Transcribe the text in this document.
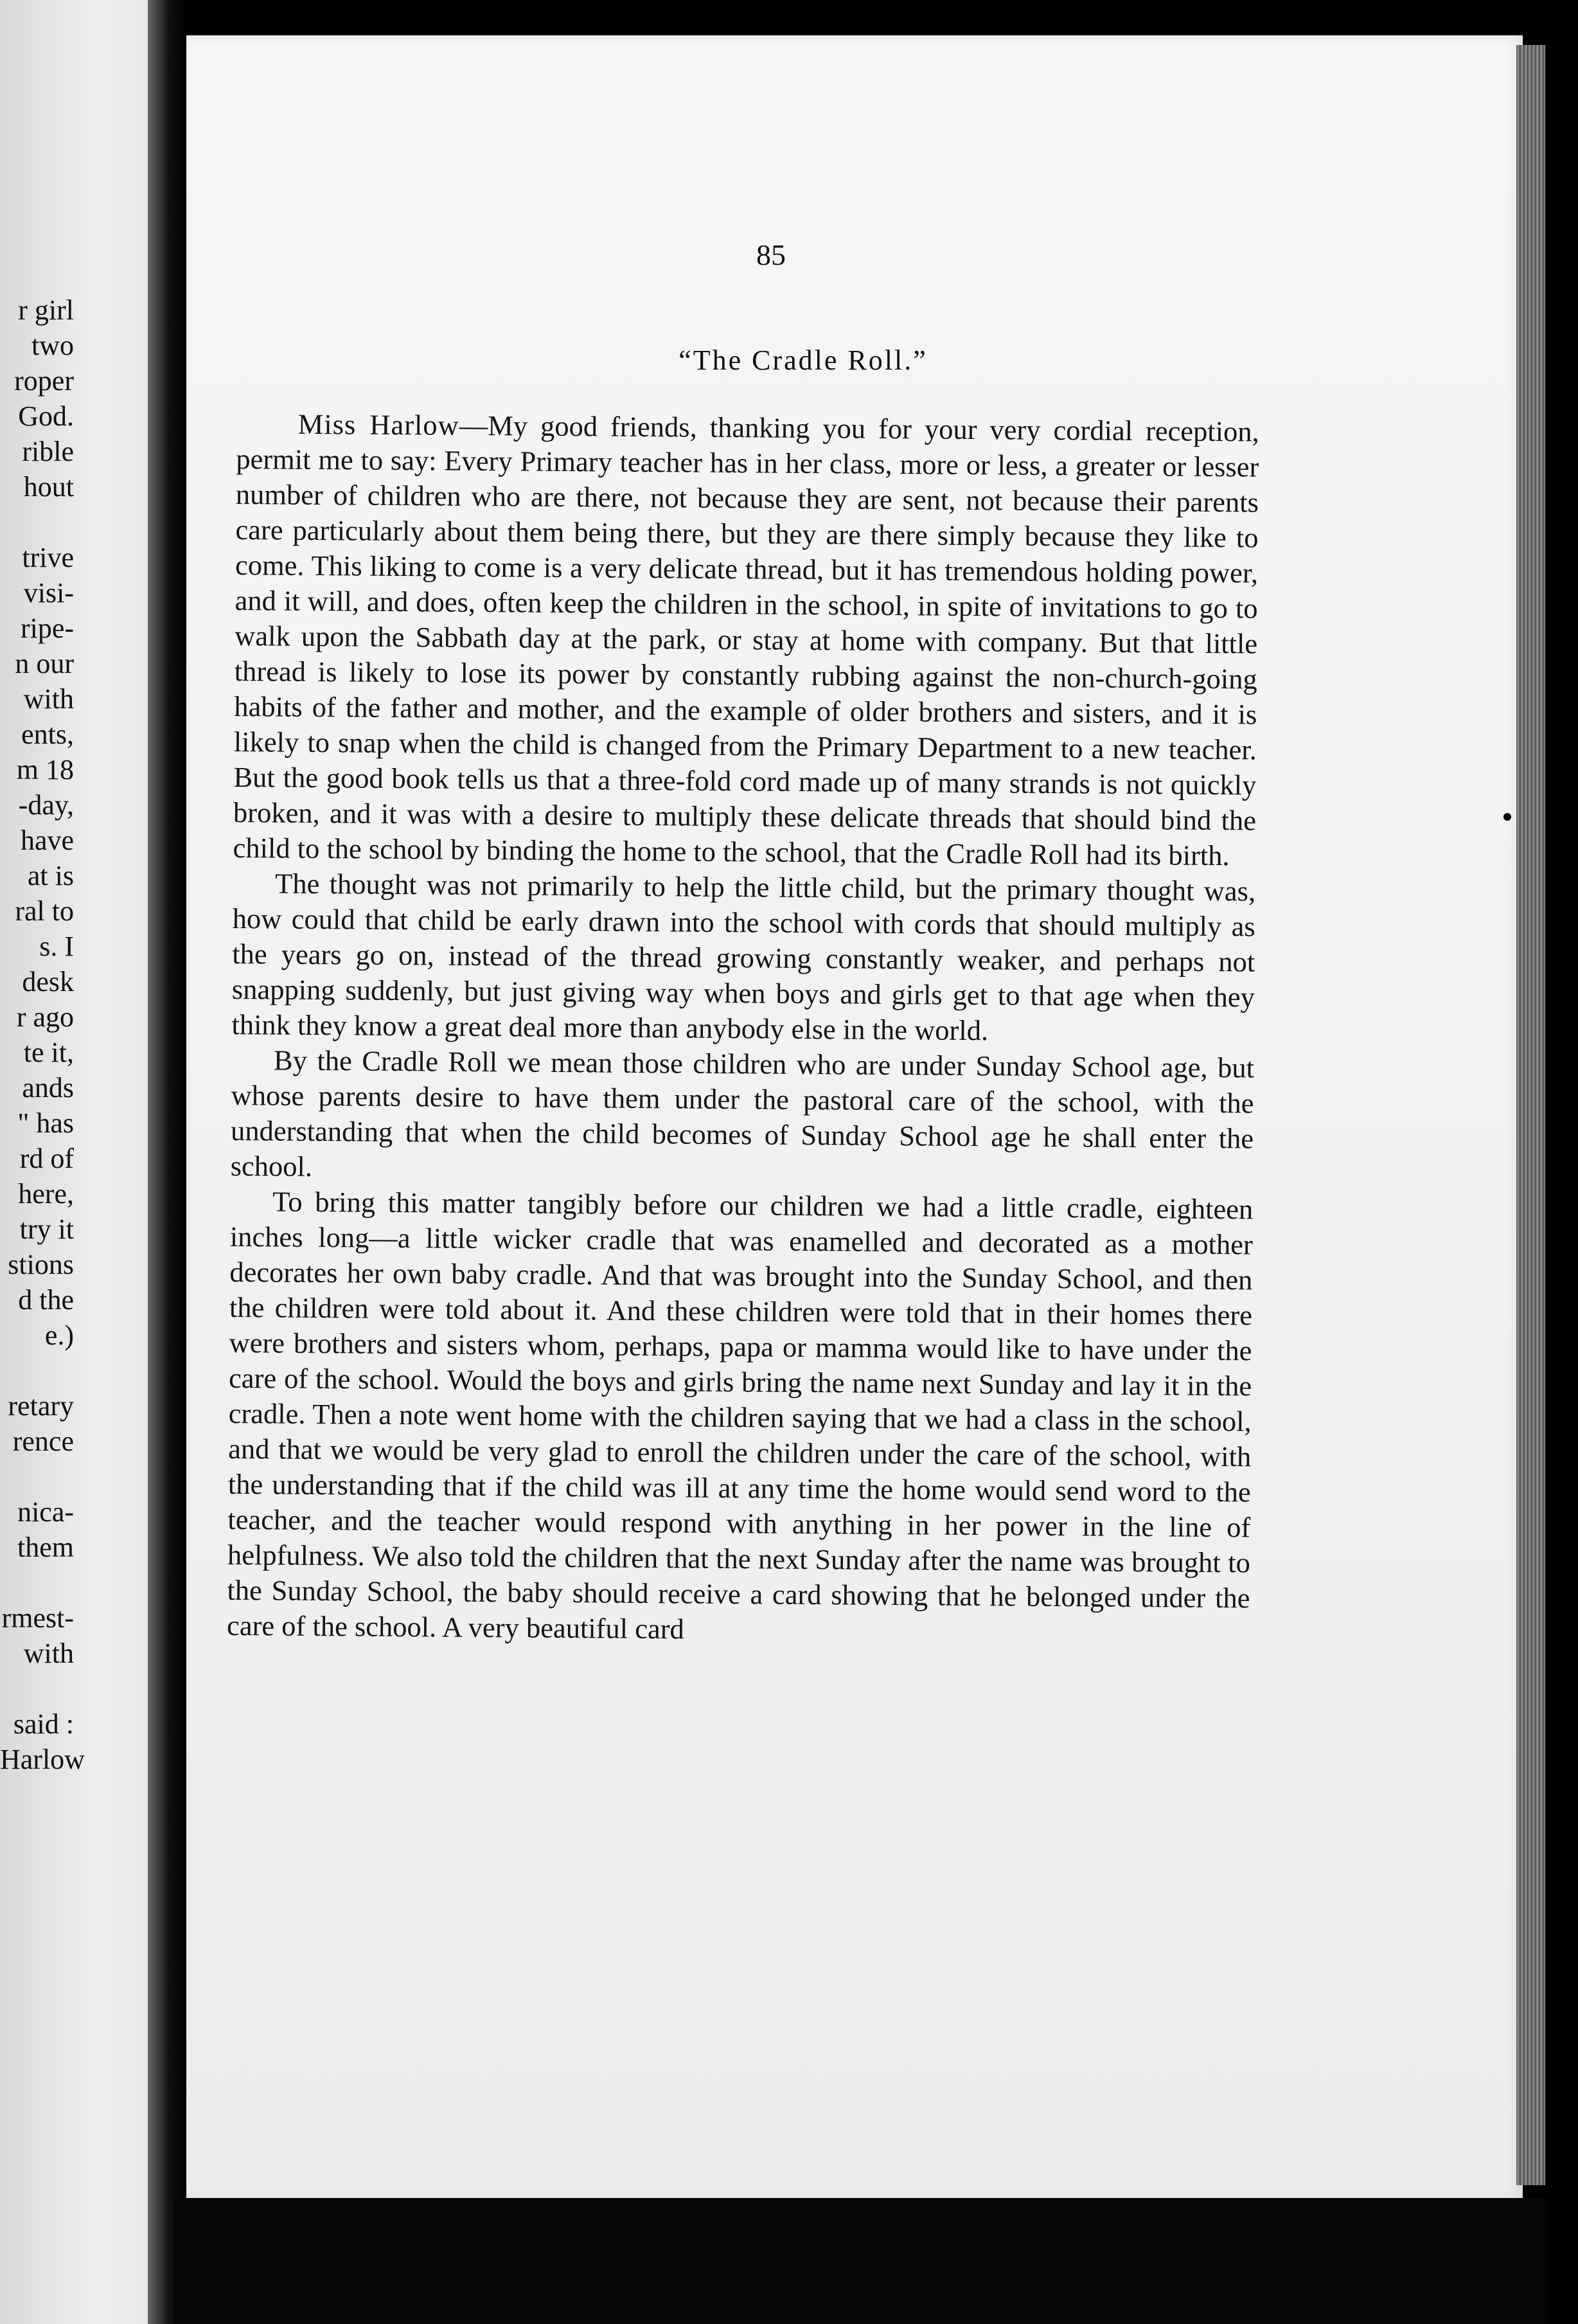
r girl
two
roper
God.
rible
hout
trive
visi-
ripe-
n our
with
ents,
m 18
-day,
have
at is
ral to
s. I
desk
r ago
te it,
ands
" has
rd of
here,
try it
stions
d the
e.)
retary
rence
nica-
them
rmest-
with
said :
Harlow
85
“The Cradle Roll.”

Miss Harlow—My good friends, thanking you for your very cordial reception, permit me to say: Every Primary teacher has in her class, more or less, a greater or lesser number of children who are there, not because they are sent, not because their parents care particularly about them being there, but they are there simply because they like to come. This liking to come is a very delicate thread, but it has tremendous holding power, and it will, and does, often keep the children in the school, in spite of invitations to go to walk upon the Sabbath day at the park, or stay at home with company. But that little thread is likely to lose its power by constantly rubbing against the non-church-going habits of the father and mother, and the example of older brothers and sisters, and it is likely to snap when the child is changed from the Primary Department to a new teacher. But the good book tells us that a three-fold cord made up of many strands is not quickly broken, and it was with a desire to multiply these delicate threads that should bind the child to the school by binding the home to the school, that the Cradle Roll had its birth.

The thought was not primarily to help the little child, but the primary thought was, how could that child be early drawn into the school with cords that should multiply as the years go on, instead of the thread growing constantly weaker, and perhaps not snapping suddenly, but just giving way when boys and girls get to that age when they think they know a great deal more than anybody else in the world.

By the Cradle Roll we mean those children who are under Sunday School age, but whose parents desire to have them under the pastoral care of the school, with the understanding that when the child becomes of Sunday School age he shall enter the school.

To bring this matter tangibly before our children we had a little cradle, eighteen inches long—a little wicker cradle that was enamelled and decorated as a mother decorates her own baby cradle. And that was brought into the Sunday School, and then the children were told about it. And these children were told that in their homes there were brothers and sisters whom, perhaps, papa or mamma would like to have under the care of the school. Would the boys and girls bring the name next Sunday and lay it in the cradle. Then a note went home with the children saying that we had a class in the school, and that we would be very glad to enroll the children under the care of the school, with the understanding that if the child was ill at any time the home would send word to the teacher, and the teacher would respond with anything in her power in the line of helpfulness. We also told the children that the next Sunday after the name was brought to the Sunday School, the baby should receive a card showing that he belonged under the care of the school. A very beautiful card
